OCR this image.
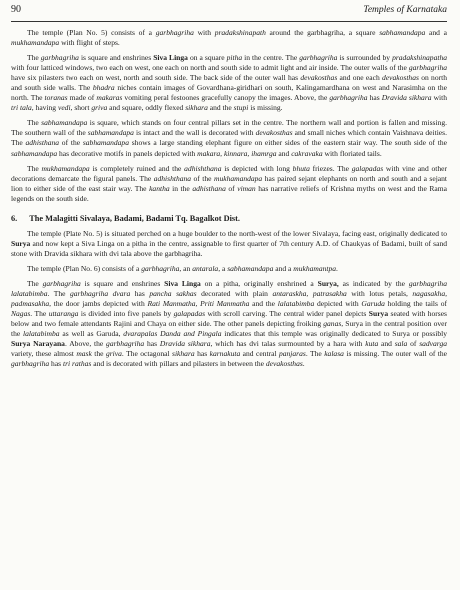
90	Temples of Karnataka

The temple (Plan No. 5) consists of a garbhagriha with pradakshinapath around the garbhagriha, a square sabhamandapa and a mukhamandapa with flight of steps.

The garbhagriha is square and enshrines Siva Linga on a square pitha in the centre. The garbhagriha is surrounded by pradakshinapatha with four latticed windows, two each on west, one each on north and south side to admit light and air inside. The outer walls of the garbhagriha have six pilasters two each on west, north and south side. The back side of the outer wall has devakosthas and one each devakosthas on north and south side walls. The bhadra niches contain images of Govardhana-giridhari on south, Kalingamardhana on west and Narasimha on the north. The toranas made of makaras vomiting peral festoones gracefully canopy the images. Above, the garbhagriha has Dravida sikhara with tri tala, having vedi, short griva and square, oddly flexed sikhara and the stupi is missing.

The sabhamandapa is square, which stands on four central pillars set in the centre. The northern wall and portion is fallen and missing. The southern wall of the sabhamandapa is intact and the wall is decorated with devakosthas and small niches which contain Vaishnava deities. The adhisthana of the sabhamandapa shows a large standing elephant figure on either sides of the eastern stair way. The south side of the sabhamandapa has decorative motifs in panels depicted with makara, kinnara, ihamrga and cakravaka with floriated tails.

The mukhamandapa is completely ruined and the adhishthana is depicted with long bhuta friezes. The galapadas with vine and other decorations demarcate the figural panels. The adhishthana of the mukhamandapa has paired sejant elephants on north and south and a sejant lion to either side of the east stair way. The kantha in the adhisthana of viman has narrative reliefs of Krishna myths on west and the Rama legends on the south side.

6. The Malagitti Sivalaya, Badami, Badami Tq. Bagalkot Dist.

The temple (Plate No. 5) is situated perched on a huge boulder to the north-west of the lower Sivalaya, facing east, originally dedicated to Surya and now kept a Siva Linga on a pitha in the centre, assignable to first quarter of 7th century A.D. of Chaukyas of Badami, built of sand stone with Dravida sikhara with dvi tala above the garbhagriha.

The temple (Plan No. 6) consists of a garbhagriha, an antarala, a sabhamandapa and a mukhamantpa.

The garbhagriha is square and enshrines Siva Linga on a pitha, originally enshrined a Surya, as indicated by the garbhagriha lalatabimba. The garbhagriha dvara has pancha sakhas decorated with plain antaraskha, patrasakha with lotus petals, nagasakha, padmasakha, the door jambs depicted with Rati Manmatha, Priti Manmatha and the lalatabimba depicted with Garuda holding the tails of Nagas. The uttaranga is divided into five panels by galapadas with scroll carving. The central wider panel depicts Surya seated with horses below and two female attendants Rajini and Chaya on either side. The other panels depicting froiking ganas, Surya in the central position over the lalatabimba as well as Garuda, dvarapalas Danda and Pingala indicates that this temple was originally dedicated to Surya or possibly Surya Narayana. Above, the garbhagriha has Dravida sikhara, which has dvi talas surmounted by a hara with kuta and sala of sadvarga variety, these almost mask the griva. The octagonal sikhara has karnakuta and central panjaras. The kalasa is missing. The outer wall of the garbhagriha has tri rathas and is decorated with pillars and pilasters in between the devakosthas.
